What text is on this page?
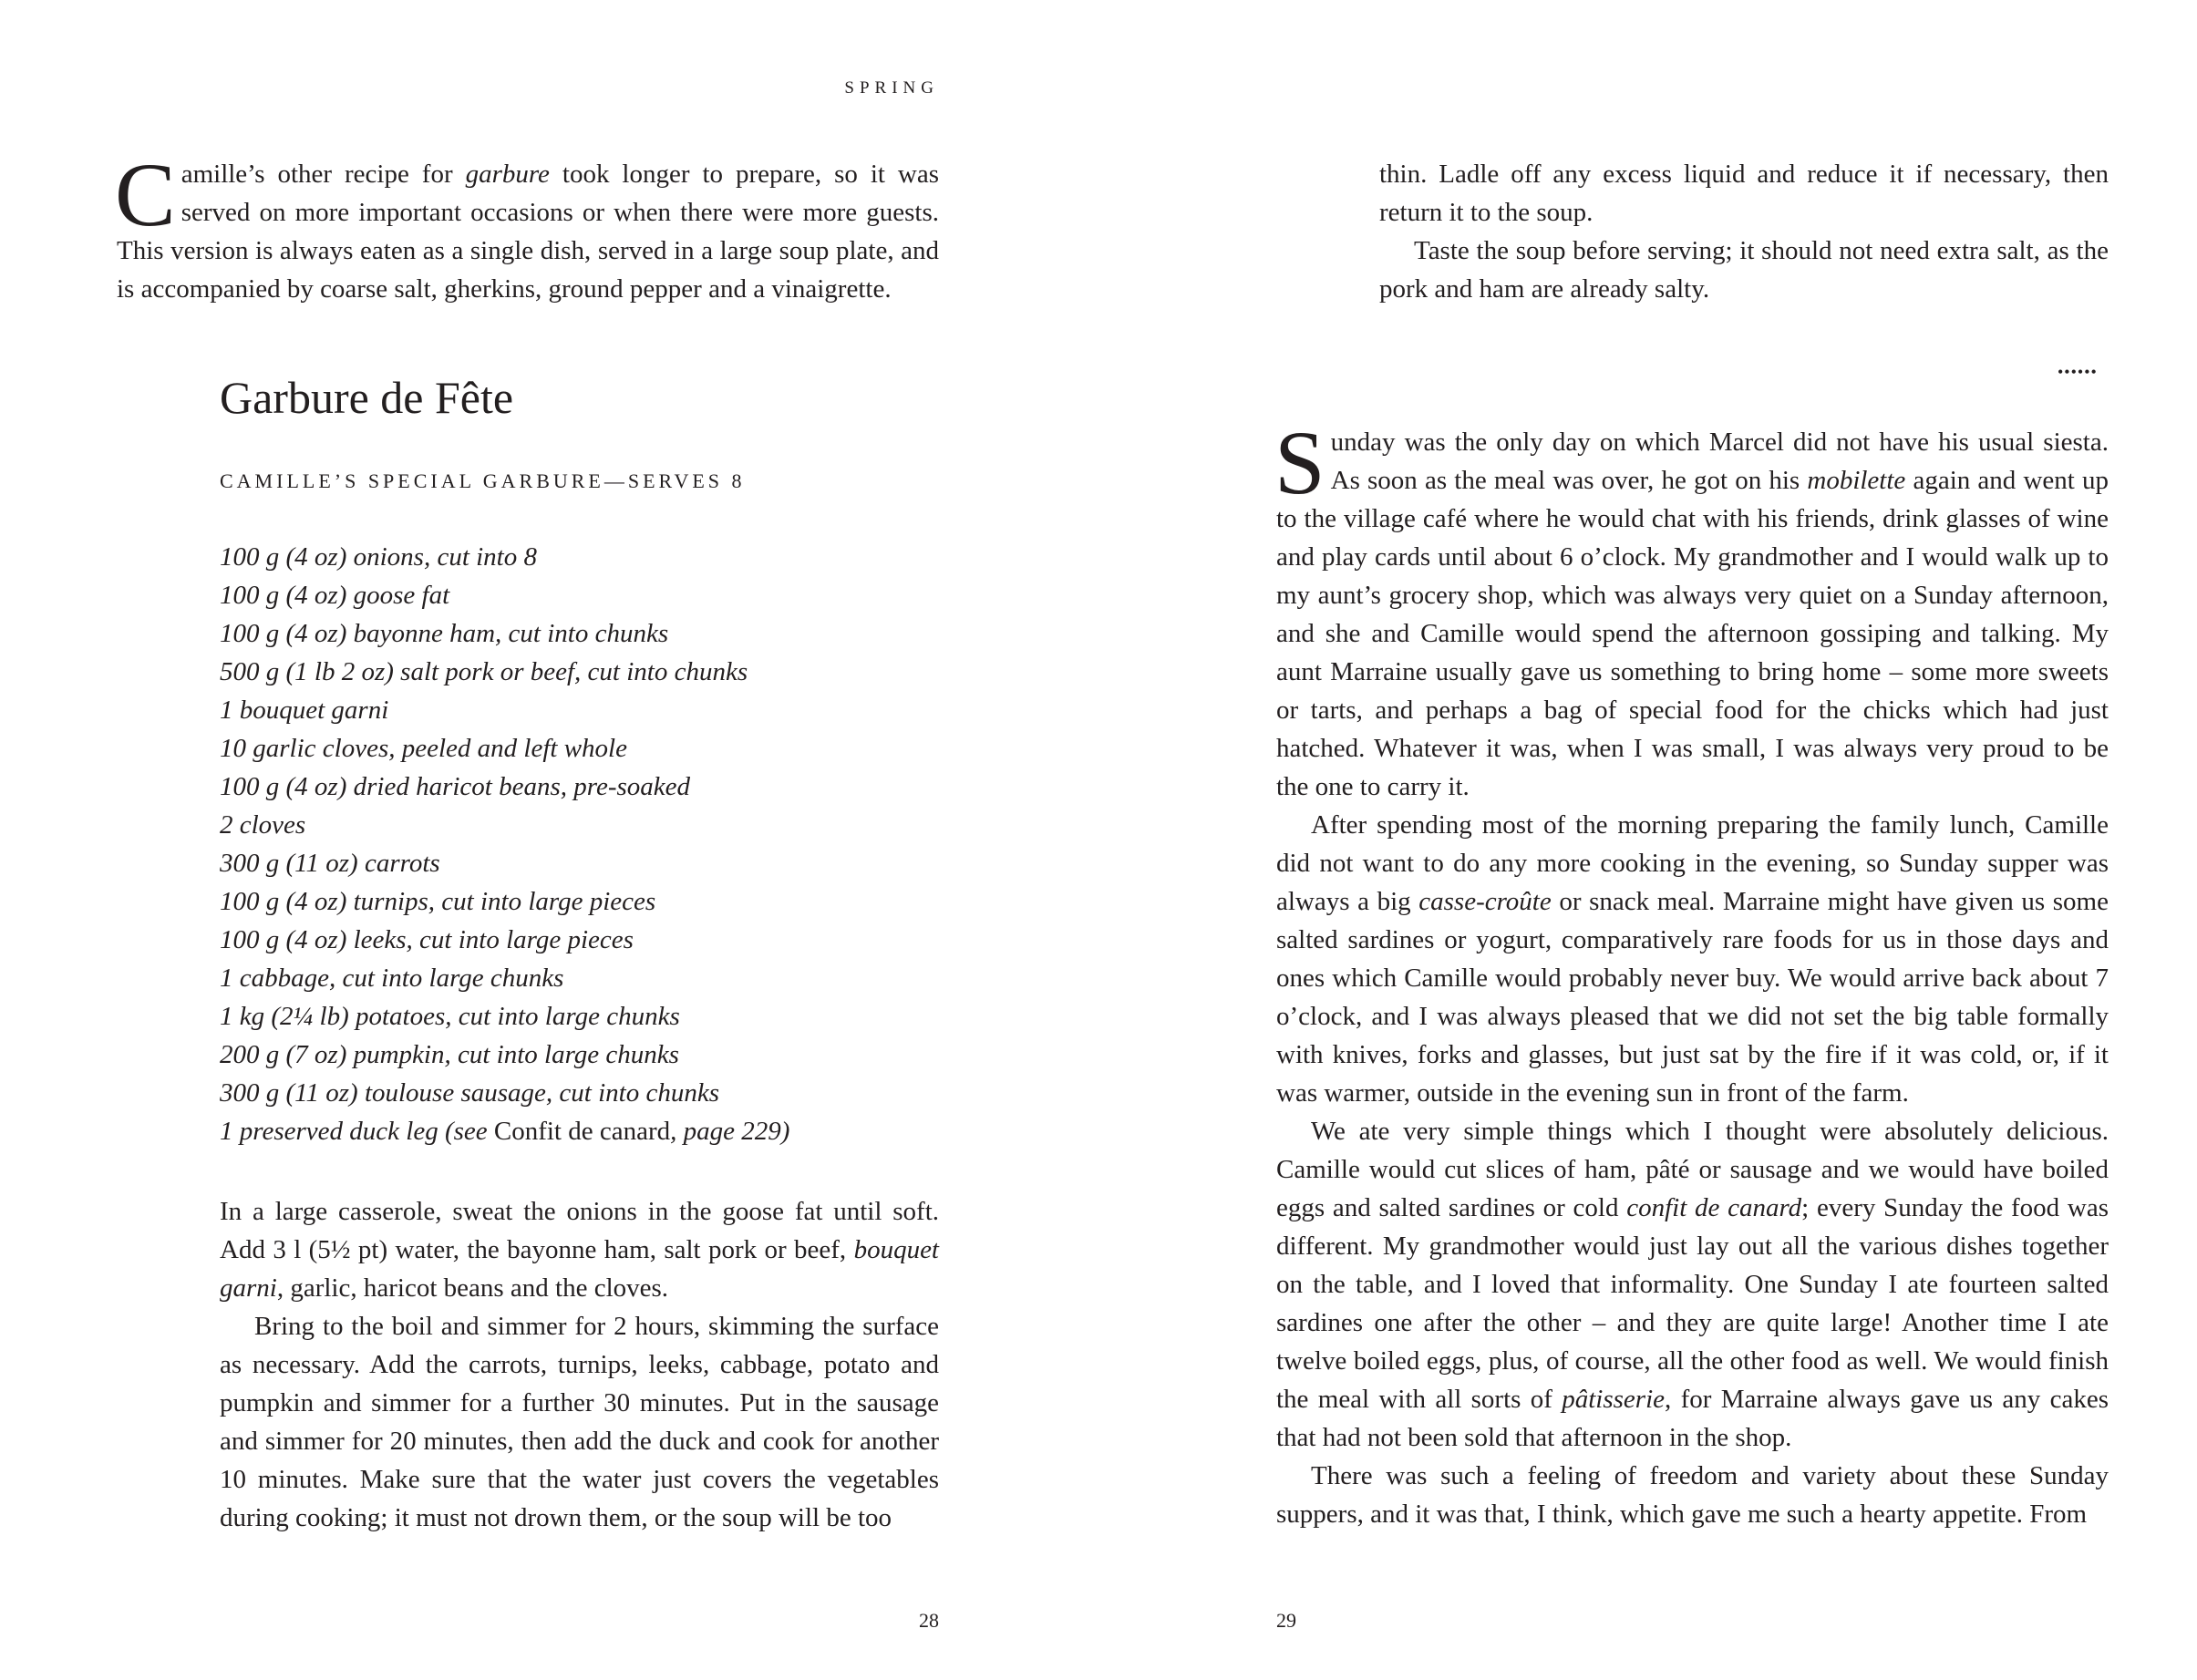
SPRING
Camille’s other recipe for garbure took longer to prepare, so it was served on more important occasions or when there were more guests. This version is always eaten as a single dish, served in a large soup plate, and is accompanied by coarse salt, gherkins, ground pepper and a vinaigrette.
Garbure de Fête
CAMILLE’S SPECIAL GARBURE—SERVES 8
100 g (4 oz) onions, cut into 8
100 g (4 oz) goose fat
100 g (4 oz) bayonne ham, cut into chunks
500 g (1 lb 2 oz) salt pork or beef, cut into chunks
1 bouquet garni
10 garlic cloves, peeled and left whole
100 g (4 oz) dried haricot beans, pre-soaked
2 cloves
300 g (11 oz) carrots
100 g (4 oz) turnips, cut into large pieces
100 g (4 oz) leeks, cut into large pieces
1 cabbage, cut into large chunks
1 kg (2¼ lb) potatoes, cut into large chunks
200 g (7 oz) pumpkin, cut into large chunks
300 g (11 oz) toulouse sausage, cut into chunks
1 preserved duck leg (see Confit de canard, page 229)

In a large casserole, sweat the onions in the goose fat until soft. Add 3 l (5½ pt) water, the bayonne ham, salt pork or beef, bouquet garni, garlic, haricot beans and the cloves.

Bring to the boil and simmer for 2 hours, skimming the surface as necessary. Add the carrots, turnips, leeks, cabbage, potato and pumpkin and simmer for a further 30 minutes. Put in the sausage and simmer for 20 minutes, then add the duck and cook for another 10 minutes. Make sure that the water just covers the vegetables during cooking; it must not drown them, or the soup will be too

28

thin. Ladle off any excess liquid and reduce it if necessary, then return it to the soup.

Taste the soup before serving; it should not need extra salt, as the pork and ham are already salty.

••••••

Sunday was the only day on which Marcel did not have his usual siesta. As soon as the meal was over, he got on his mobilette again and went up to the village café where he would chat with his friends, drink glasses of wine and play cards until about 6 o’clock. My grandmother and I would walk up to my aunt’s grocery shop, which was always very quiet on a Sunday afternoon, and she and Camille would spend the afternoon gossiping and talking. My aunt Marraine usually gave us something to bring home – some more sweets or tarts, and perhaps a bag of special food for the chicks which had just hatched. Whatever it was, when I was small, I was always very proud to be the one to carry it.

After spending most of the morning preparing the family lunch, Camille did not want to do any more cooking in the evening, so Sunday supper was always a big casse-croûte or snack meal. Marraine might have given us some salted sardines or yogurt, comparatively rare foods for us in those days and ones which Camille would probably never buy. We would arrive back about 7 o’clock, and I was always pleased that we did not set the big table formally with knives, forks and glasses, but just sat by the fire if it was cold, or, if it was warmer, outside in the evening sun in front of the farm.

We ate very simple things which I thought were absolutely delicious. Camille would cut slices of ham, pâté or sausage and we would have boiled eggs and salted sardines or cold confit de canard; every Sunday the food was different. My grandmother would just lay out all the various dishes together on the table, and I loved that informality. One Sunday I ate fourteen salted sardines one after the other – and they are quite large! Another time I ate twelve boiled eggs, plus, of course, all the other food as well. We would finish the meal with all sorts of pâtisserie, for Marraine always gave us any cakes that had not been sold that afternoon in the shop.

There was such a feeling of freedom and variety about these Sunday suppers, and it was that, I think, which gave me such a hearty appetite. From

29
